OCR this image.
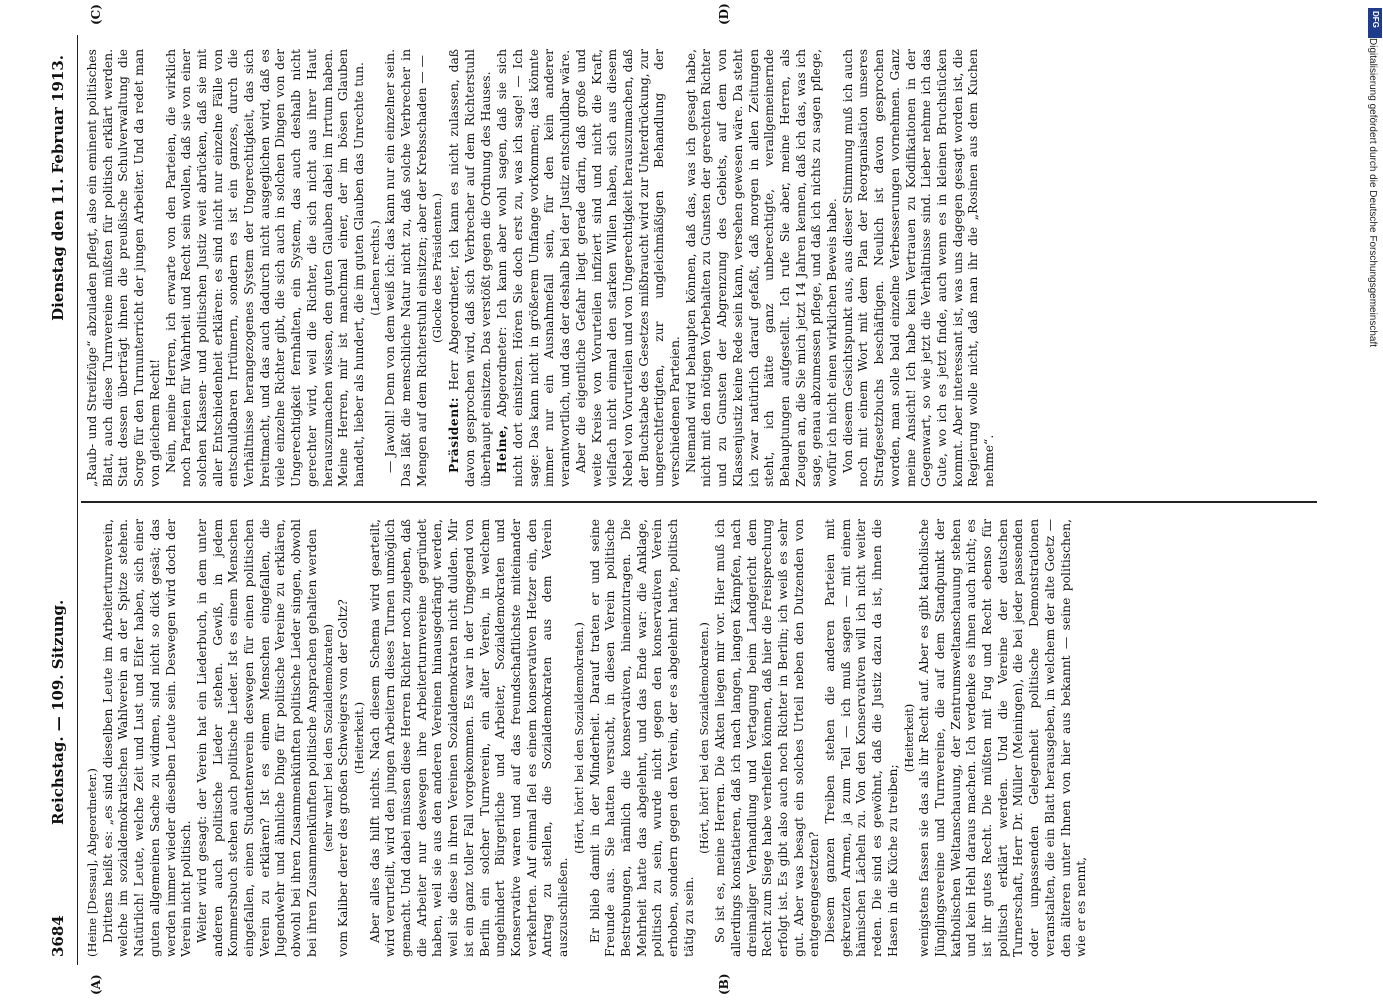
3684
Reichstag. — 109. Sitzung.
Dienstag den 11. Februar 1913.
(A)	(B)
(C)	(D)

(Heine [Dessau], Abgeordneter.) Drittens heißt es: „es sind dieselben Leute im Arbeiterturnverein, welche im sozialdemokratischen Wahlverein an der Spitze stehen. Natürlich! Leute, welche Zeit und Lust und Eifer haben, sich einer guten allgemeinen Sache zu widmen, sind nicht so dick gesät; das werden immer wieder dieselben Leute sein. Deswegen wird doch der Verein nicht politisch. Weiter wird gesagt: der Verein hat ein Liederbuch, in dem unter anderen auch politische Lieder stehen. Gewiß, in jedem Kommersbuch stehen auch politische Lieder. Ist es einem Menschen eingefallen, einen Studentenverein deswegen für einen politischen Verein zu erklären? Ist es einem Menschen eingefallen, die Jugendwehr und ähnliche Dinge für politische Vereine zu erklären, obwohl bei ihren Zusammenkünften politische Lieder singen, obwohl bei ihren Zusammenkünften politische Ansprachen gehalten werden (sehr wahr! bei den Sozialdemokraten) vom Kaliber derer des großen Schweigers von der Goltz? (Heiterkeit.) Aber alles das hilft nichts. Nach diesem Schema wird gearteilt, wird verurteilt, wird den jungen Arbeitern dieses Turnen unmöglich gemacht. Und dabei müssen diese Herren Richter noch zugeben, daß die Arbeiter nur deswegen ihre Arbeiterturnvereine gegründet haben, weil sie aus den anderen Vereinen hinausgedrängt werden, weil sie diese in ihren Vereinen Sozialdemokraten nicht dulden. Mir ist ein ganz toller Fall vorgekommen. Es war in der Umgegend von Berlin ein solcher Turnverein, ein alter Verein, in welchem ungehindert Bürgerliche und Arbeiter, Sozialdemokraten und Konservative waren und auf das freundschaftlichste miteinander verkehrten. Auf einmal fiel es einem konservativen Hetzer ein, den Antrag zu stellen, die Sozialdemokraten aus dem Verein auszuschließen.

(Hört, hört! bei den Sozialdemokraten.) Er blieb damit in der Minderheit. Darauf traten er und seine Freunde aus. Sie hatten versucht, in diesen Verein politische Bestrebungen, nämlich die konservativen, hineinzutragen. Die Mehrheit hatte das abgelehnt, und das Ende war: die Anklage, politisch zu sein, wurde nicht gegen den konservativen Verein erhoben, sondern gegen den Verein, der es abgelehnt hatte, politisch tätig zu sein.

(Hört, hört! bei den Sozialdemokraten.) So ist es, meine Herren. Die Akten liegen mir vor. Hier muß ich allerdings konstatieren, daß ich nach langen, langen Kämpfen, nach dreimaliger Verhandlung und Vertagung beim Landgericht dem Recht zum Siege habe verhelfen können, daß hier die Freisprechung erfolgt ist. Es gibt also auch noch Richter in Berlin; ich weiß es sehr gut. Aber was besagt ein solches Urteil neben den Dutzenden von entgegengesetzten? Diesem ganzen Treiben stehen die anderen Parteien mit gekreuzten Armen, ja zum Teil — ich muß sagen — mit einem hämischen Lächeln zu. Von den Konservativen will ich nicht weiter reden. Die sind es gewöhnt, daß die Justiz dazu da ist, ihnen die Hasen in die Küche zu treiben;

(Heiterkeit) wenigstens fassen sie das als ihr Recht auf. Aber es gibt katholische Jünglingsvereine und Turnvereine, die auf dem Standpunkt der katholischen Weltanschauung, der Zentrumsweltanschauung stehen und kein Hehl daraus machen. Ich verdenke es ihnen auch nicht; es ist ihr gutes Recht. Die müßten mit Fug und Recht ebenso für politisch erklärt werden. Und die Vereine der deutschen Turnerschaft, Herr Dr. Müller (Meiningen), die bei jeder passenden oder unpassenden Gelegenheit politische Demonstrationen veranstalten, die ein Blatt herausgeben, in welchem der alte Goetz — den älteren unter Ihnen von hier aus bekannt — seine politischen, wie er es nennt,

„Raub- und Streifzüge“ abzuladen pflegt, also ein eminent politisches Blatt, auch diese Turnvereine müßten für politisch erklärt werden. Statt dessen überträgt ihnen die preußische Schulverwaltung die Sorge für den Turnunterricht der jungen Arbeiter. Und da redet man von gleichem Recht! Nein, meine Herren, ich erwarte von den Parteien, die wirklich noch Parteien für Wahrheit und Recht sein wollen, daß sie von einer solchen Klassen- und politischen Justiz weit abrücken, daß sie mit aller Entschiedenheit erklären: es sind nicht nur einzelne Fälle von entschuldbaren Irrtümern, sondern es ist ein ganzes, durch die Verhältnisse herangezogenes System der Ungerechtigkeit, das sich breitmacht, und das auch dadurch nicht ausgeglichen wird, daß es viele einzelne Richter gibt, die sich auch in solchen Dingen von der Ungerechtigkeit fernhalten, ein System, das auch deshalb nicht gerechter wird, weil die Richter, die sich nicht aus ihrer Haut herauszumachen wissen, den guten Glauben dabei im Irrtum haben. Meine Herren, mir ist manchmal einer, der im bösen Glauben handelt, lieber als hundert, die im guten Glauben das Unrechte tun. (Lachen rechts.) — Jawohl! Denn von dem weiß ich: das kann nur ein einzelner sein. Das läßt die menschliche Natur nicht zu, daß solche Verbrecher in Mengen auf dem Richterstuhl einsitzen; aber der Krebsschaden — — (Glocke des Präsidenten.)

Präsident: Herr Abgeordneter, ich kann es nicht zulassen, daß davon gesprochen wird, daß sich Verbrecher auf dem Richterstuhl überhaupt einsitzen. Das verstößt gegen die Ordnung des Hauses. Heine, Abgeordneter: Ich kann aber wohl sagen, daß sie sich nicht dort einsitzen. Hören Sie doch erst zu, was ich sage! — Ich sage: Das kann nicht in größerem Umfange vorkommen; das könnte immer nur ein Ausnahmefall sein, für den kein anderer verantwortlich, und das der deshalb bei der Justiz entschuldbar wäre. Aber die eigentliche Gefahr liegt gerade darin, daß große und weite Kreise von Vorurteilen infiziert sind und nicht die Kraft, vielfach nicht einmal den starken Willen haben, sich aus diesem Nebel von Vorurteilen und von Ungerechtigkeit herauszumachen, daß der Buchstabe des Gesetzes mißbraucht wird zur Unterdrückung, zur ungerechtfertigten, zur ungleichmäßigen Behandlung der verschiedenen Parteien. Niemand wird behaupten können, daß das, was ich gesagt habe, nicht mit den nötigen Vorbehalten zu Gunsten der gerechten Richter und zu Gunsten der Abgrenzung des Gebiets, auf dem von Klassenjustiz keine Rede sein kann, versehen gewesen wäre. Da steht ich zwar natürlich darauf gefaßt, daß morgen in allen Zeitungen steht, ich hätte ganz unberechtigte, verallgemeinernde Behauptungen aufgestellt. Ich rufe Sie aber, meine Herren, als Zeugen an, die Sie mich jetzt 14 Jahren kennen, daß ich das, was ich sage, genau abzumessen pflege, und daß ich nichts zu sagen pflege, wofür ich nicht einen wirklichen Beweis habe. Von diesem Gesichtspunkt aus, aus dieser Stimmung muß ich auch noch mit einem Wort mit dem Plan der Reorganisation unseres Strafgesetzbuchs beschäftigen. Neulich ist davon gesprochen worden, man solle bald einzelne Verbesserungen vornehmen. Ganz meine Ansicht! Ich habe kein Vertrauen zu Kodifikationen in der Gegenwart, so wie jetzt die Verhältnisse sind. Lieber nehme ich das Gute, wo ich es jetzt finde, auch wenn es in kleinen Bruchstücken kommt. Aber interessant ist, was uns dagegen gesagt worden ist, die Regierung wolle nicht, daß man ihr die „Rosinen aus dem Kuchen nehme“.

DFG
Digitalisierung gefördert durch die Deutsche Forschungsgemeinschaft
